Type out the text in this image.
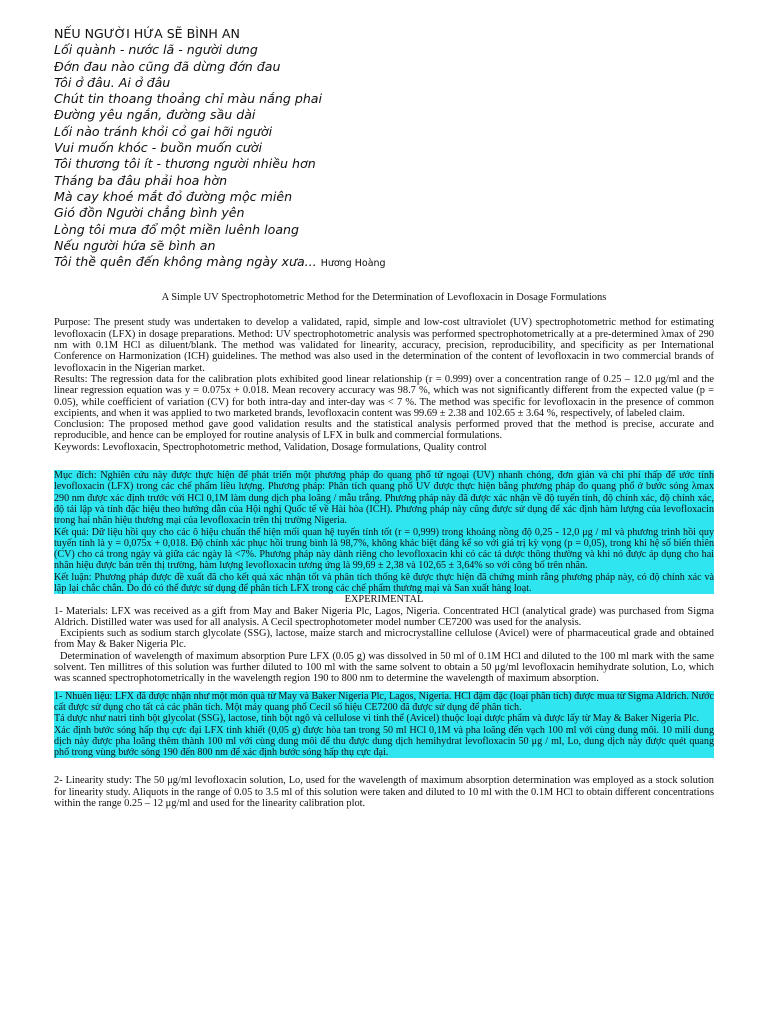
NẾU NGƯỜI HỨA SẼ BÌNH AN
Lối quành - nước lã - người dưng
Đớn đau nào cũng đã dừng đớn đau
Tôi ở đâu. Ai ở đâu
Chút tin thoang thoảng chỉ màu nắng phai
Đường yêu ngắn, đường sầu dài
Lối nào tránh khỏi cỏ gai hỡi người
Vui muốn khóc - buồn muốn cười
Tôi thương tôi ít - thương người nhiều hơn
Tháng ba đâu phải hoa hờn
Mà cay khoé mắt đỏ đường mộc miên
Gió đồn Người chẳng bình yên
Lòng tôi mưa đổ một miền luênh loang
Nếu người hứa sẽ bình an
Tôi thề quên đến không màng ngày xưa... Hương Hoàng

A Simple UV Spectrophotometric Method for the Determination of Levofloxacin in Dosage Formulations

Purpose: The present study was undertaken to develop a validated, rapid, simple and low-cost ultraviolet (UV) spectrophotometric method for estimating levofloxacin (LFX) in dosage preparations. Method: UV spectrophotometric analysis was performed spectrophotometrically at a pre-determined λmax of 290 nm with 0.1M HCl as diluent/blank. The method was validated for linearity, accuracy, precision, reproducibility, and specificity as per International Conference on Harmonization (ICH) guidelines. The method was also used in the determination of the content of levofloxacin in two commercial brands of levofloxacin in the Nigerian market.

Results: The regression data for the calibration plots exhibited good linear relationship (r = 0.999) over a concentration range of 0.25 – 12.0 μg/ml and the linear regression equation was y = 0.075x + 0.018. Mean recovery accuracy was 98.7 %, which was not significantly different from the expected value (p = 0.05), while coefficient of variation (CV) for both intra-day and inter-day was < 7 %. The method was specific for levofloxacin in the presence of common excipients, and when it was applied to two marketed brands, levofloxacin content was 99.69 ± 2.38 and 102.65 ± 3.64 %, respectively, of labeled claim.

Conclusion: The proposed method gave good validation results and the statistical analysis performed proved that the method is precise, accurate and reproducible, and hence can be employed for routine analysis of LFX in bulk and commercial formulations.

Keywords: Levofloxacin, Spectrophotometric method, Validation, Dosage formulations, Quality control

Mục đích: Nghiên cứu này được thực hiện để phát triển một phương pháp đo quang phổ tử ngoại (UV) nhanh chóng, đơn giản và chi phí thấp để ước tính levofloxacin (LFX) trong các chế phẩm liều lượng. Phương pháp: Phân tích quang phổ UV được thực hiện bằng phương pháp đo quang phổ ở bước sóng λmax 290 nm được xác định trước với HCl 0,1M làm dung dịch pha loãng / mẫu trắng. Phương pháp này đã được xác nhận về độ tuyến tính, độ chính xác, độ chính xác, độ tái lập và tính đặc hiệu theo hướng dẫn của Hội nghị Quốc tế về Hài hòa (ICH). Phương pháp này cũng được sử dụng để xác định hàm lượng của levofloxacin trong hai nhãn hiệu thương mại của levofloxacin trên thị trường Nigeria.

Kết quả: Dữ liệu hồi quy cho các ô hiệu chuẩn thể hiện mối quan hệ tuyến tính tốt (r = 0,999) trong khoảng nồng độ 0,25 - 12,0 μg / ml và phương trình hồi quy tuyến tính là y = 0,075x + 0,018. Độ chính xác phục hồi trung bình là 98,7%, không khác biệt đáng kể so với giá trị kỳ vọng (p = 0,05), trong khi hệ số biến thiên (CV) cho cả trong ngày và giữa các ngày là <7%. Phương pháp này dành riêng cho levofloxacin khi có các tá dược thông thường và khi nó được áp dụng cho hai nhãn hiệu được bán trên thị trường, hàm lượng levofloxacin tương ứng là 99,69 ± 2,38 và 102,65 ± 3,64% so với công bố trên nhãn.

Kết luận: Phương pháp được đề xuất đã cho kết quả xác nhận tốt và phân tích thống kê được thực hiện đã chứng minh rằng phương pháp này, có độ chính xác và lặp lại chắc chắn. Do đó có thể được sử dụng để phân tích LFX trong các chế phẩm thương mại và San xuất hàng loạt.

EXPERIMENTAL

1- Materials: LFX was received as a gift from May and Baker Nigeria Plc, Lagos, Nigeria. Concentrated HCl (analytical grade) was purchased from Sigma Aldrich. Distilled water was used for all analysis. A Cecil spectrophotometer model number CE7200 was used for the analysis.

Excipients such as sodium starch glycolate (SSG), lactose, maize starch and microcrystalline cellulose (Avicel) were of pharmaceutical grade and obtained from May & Baker Nigeria Plc.

Determination of wavelength of maximum absorption Pure LFX (0.05 g) was dissolved in 50 ml of 0.1M HCl and diluted to the 100 ml mark with the same solvent. Ten millitres of this solution was further diluted to 100 ml with the same solvent to obtain a 50 μg/ml levofloxacin hemihydrate solution, Lo, which was scanned spectrophotometrically in the wavelength region 190 to 800 nm to determine the wavelength of maximum absorption.

1- Nhuên liệu: LFX đã được nhận như một món quà từ May và Baker Nigeria Plc, Lagos, Nigeria. HCl đậm đặc (loại phân tích) được mua từ Sigma Aldrich. Nước cất được sử dụng cho tất cả các phân tích. Một máy quang phổ Cecil số hiệu CE7200 đã được sử dụng để phân tích.

Tá dược như natri tinh bột glycolat (SSG), lactose, tinh bột ngô và cellulose vi tinh thể (Avicel) thuộc loại dược phẩm và được lấy từ May & Baker Nigeria Plc.

Xác định bước sóng hấp thụ cực đại LFX tinh khiết (0,05 g) được hòa tan trong 50 ml HCl 0,1M và pha loãng đến vạch 100 ml với cùng dung môi. 10 mili dung dịch này được pha loãng thêm thành 100 ml với cùng dung môi để thu được dung dịch hemihydrat levofloxacin 50 μg / ml, Lo, dung dịch này được quét quang phổ trong vùng bước sóng 190 đến 800 nm để xác định bước sóng hấp thụ cực đại.

2- Linearity study: The 50 μg/ml levofloxacin solution, Lo, used for the wavelength of maximum absorption determination was employed as a stock solution for linearity study. Aliquots in the range of 0.05 to 3.5 ml of this solution were taken and diluted to 10 ml with the 0.1M HCl to obtain different concentrations within the range 0.25 – 12 μg/ml and used for the linearity calibration plot.
